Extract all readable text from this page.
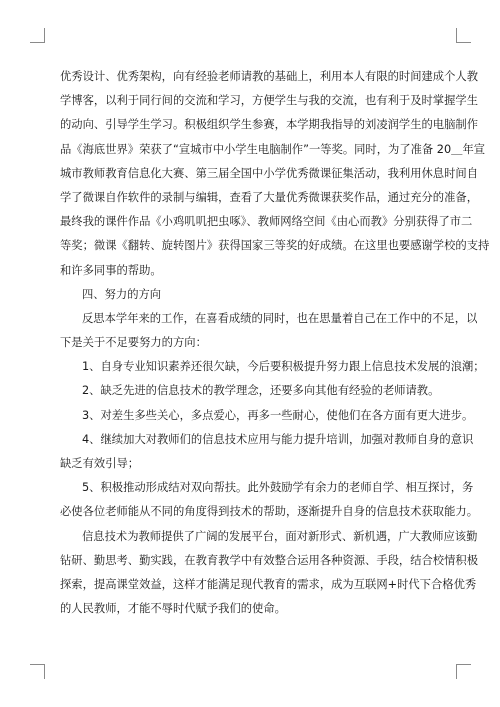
优秀设计、优秀架构，向有经验老师请教的基础上，利用本人有限的时间建成个人教
学博客，以利于同行间的交流和学习，方便学生与我的交流，也有利于及时掌握学生
的动向、引导学生学习。积极组织学生参赛，本学期我指导的刘凌润学生的电脑制作
品《海底世界》荣获了“宣城市中小学生电脑制作”一等奖。同时，为了准备 20＿年宣
城市教师教育信息化大赛、第三届全国中小学优秀微课征集活动，我利用休息时间自
学了微课自作软件的录制与编辑，查看了大量优秀微课获奖作品，通过充分的准备，
最终我的课件作品《小鸡叽叽把虫啄》、教师网络空间《由心而教》分别获得了市二
等奖；微课《翻转、旋转图片》获得国家三等奖的好成绩。在这里也要感谢学校的支持
和许多同事的帮助。
四、努力的方向
反思本学年来的工作，在喜看成绩的同时，也在思量着自己在工作中的不足，以
下是关于不足要努力的方向：
1、自身专业知识素养还很欠缺，今后要积极提升努力跟上信息技术发展的浪潮；
2、缺乏先进的信息技术的教学理念，还要多向其他有经验的老师请教。
3、对差生多些关心，多点爱心，再多一些耐心，使他们在各方面有更大进步。
4、继续加大对教师们的信息技术应用与能力提升培训，加强对教师自身的意识
缺乏有效引导；
5、积极推动形成结对双向帮扶。此外鼓励学有余力的老师自学、相互探讨，务
必使各位老师能从不同的角度得到技术的帮助，逐渐提升自身的信息技术获取能力。
信息技术为教师提供了广阔的发展平台，面对新形式、新机遇，广大教师应该勤
钻研、勤思考、勤实践，在教育教学中有效整合运用各种资源、手段，结合校情积极
探索，提高课堂效益，这样才能满足现代教育的需求，成为互联网+时代下合格优秀
的人民教师，才能不辱时代赋予我们的使命。
